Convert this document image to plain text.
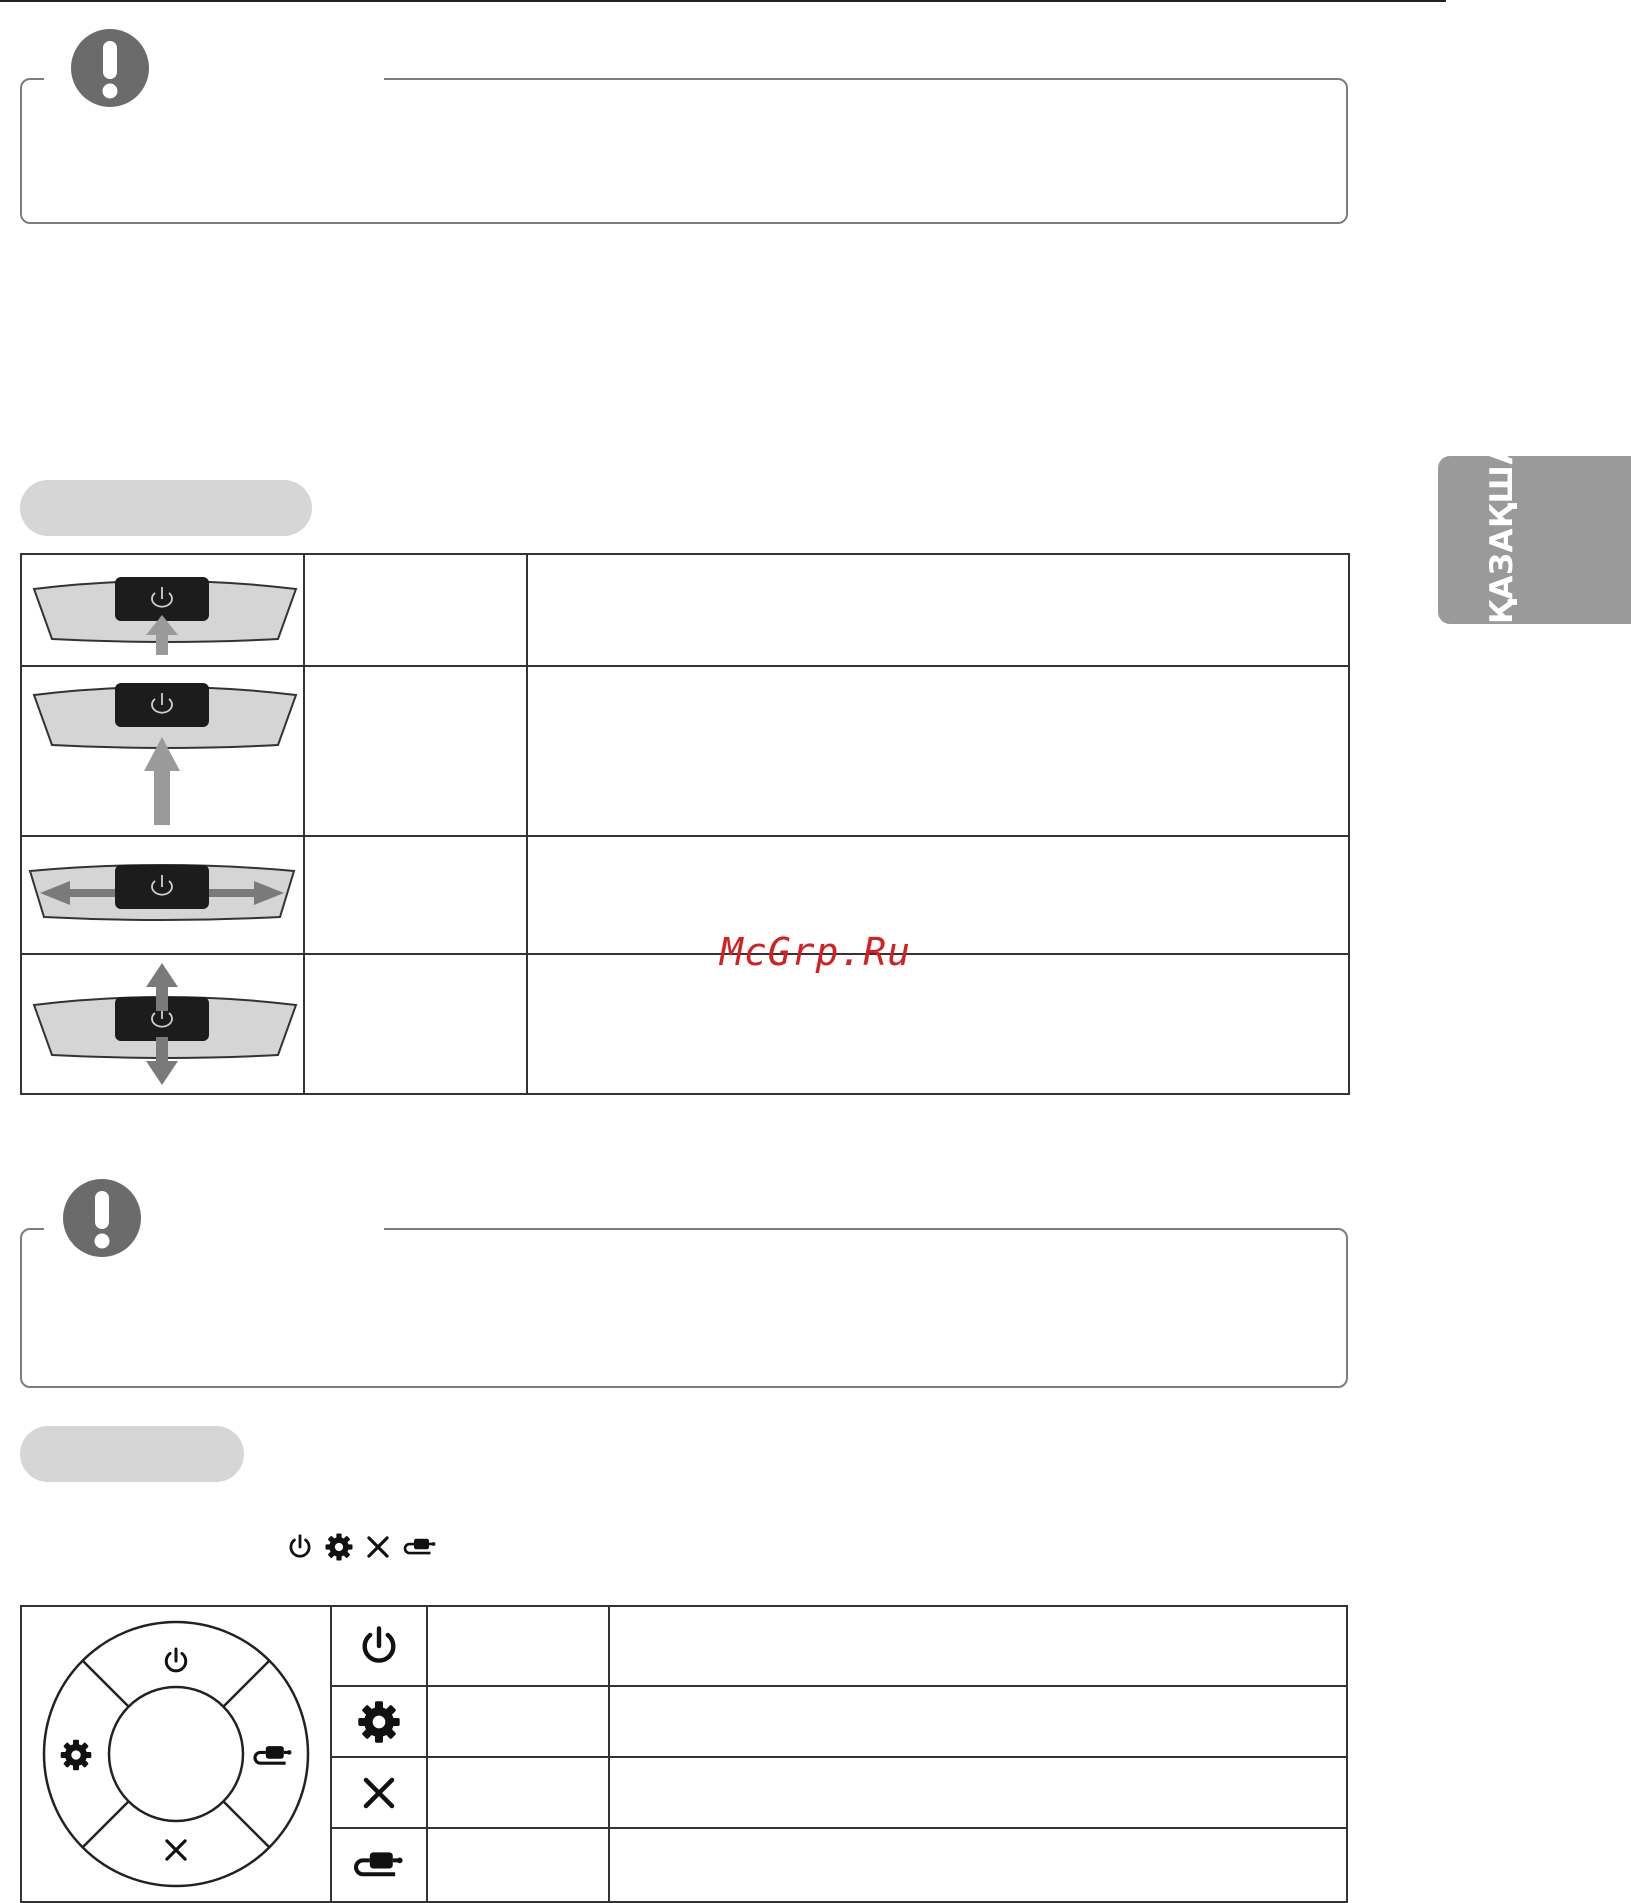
McGrp.Ru

ҚАЗАҚША
